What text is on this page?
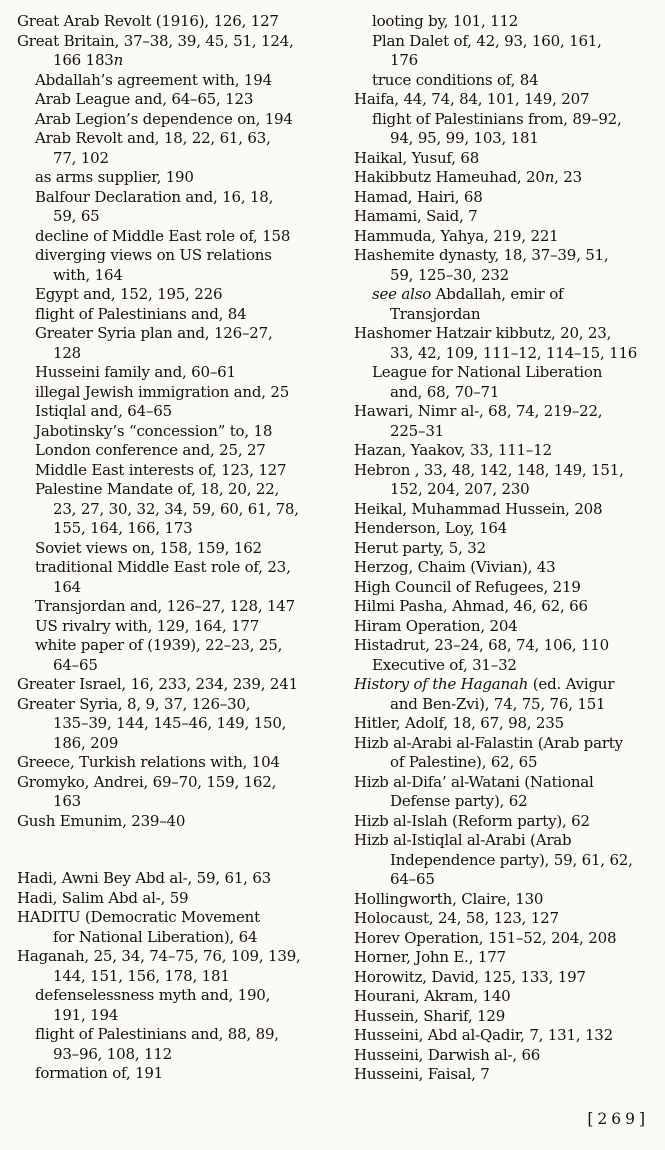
Great Arab Revolt (1916), 126, 127
Great Britain, 37–38, 39, 45, 51, 124,
166 183n
Abdallah’s agreement with, 194
Arab League and, 64–65, 123
Arab Legion’s dependence on, 194
Arab Revolt and, 18, 22, 61, 63,
77, 102
as arms supplier, 190
Balfour Declaration and, 16, 18,
59, 65
decline of Middle East role of, 158
diverging views on US relations
with, 164
Egypt and, 152, 195, 226
flight of Palestinians and, 84
Greater Syria plan and, 126–27,
128
Husseini family and, 60–61
illegal Jewish immigration and, 25
Istiqlal and, 64–65
Jabotinsky’s “concession” to, 18
London conference and, 25, 27
Middle East interests of, 123, 127
Palestine Mandate of, 18, 20, 22,
23, 27, 30, 32, 34, 59, 60, 61, 78,
155, 164, 166, 173
Soviet views on, 158, 159, 162
traditional Middle East role of, 23,
164
Transjordan and, 126–27, 128, 147
US rivalry with, 129, 164, 177
white paper of (1939), 22–23, 25,
64–65
Greater Israel, 16, 233, 234, 239, 241
Greater Syria, 8, 9, 37, 126–30,
135–39, 144, 145–46, 149, 150,
186, 209
Greece, Turkish relations with, 104
Gromyko, Andrei, 69–70, 159, 162,
163
Gush Emunim, 239–40
Hadi, Awni Bey Abd al-, 59, 61, 63
Hadi, Salim Abd al-, 59
HADITU (Democratic Movement
for National Liberation), 64
Haganah, 25, 34, 74–75, 76, 109, 139,
144, 151, 156, 178, 181
defenselessness myth and, 190,
191, 194
flight of Palestinians and, 88, 89,
93–96, 108, 112
formation of, 191
looting by, 101, 112
Plan Dalet of, 42, 93, 160, 161,
176
truce conditions of, 84
Haifa, 44, 74, 84, 101, 149, 207
flight of Palestinians from, 89–92,
94, 95, 99, 103, 181
Haikal, Yusuf, 68
Hakibbutz Hameuhad, 20n, 23
Hamad, Hairi, 68
Hamami, Said, 7
Hammuda, Yahya, 219, 221
Hashemite dynasty, 18, 37–39, 51,
59, 125–30, 232
see also Abdallah, emir of
Transjordan
Hashomer Hatzair kibbutz, 20, 23,
33, 42, 109, 111–12, 114–15, 116
League for National Liberation
and, 68, 70–71
Hawari, Nimr al-, 68, 74, 219–22,
225–31
Hazan, Yaakov, 33, 111–12
Hebron , 33, 48, 142, 148, 149, 151,
152, 204, 207, 230
Heikal, Muhammad Hussein, 208
Henderson, Loy, 164
Herut party, 5, 32
Herzog, Chaim (Vivian), 43
High Council of Refugees, 219
Hilmi Pasha, Ahmad, 46, 62, 66
Hiram Operation, 204
Histadrut, 23–24, 68, 74, 106, 110
Executive of, 31–32
History of the Haganah (ed. Avigur
and Ben-Zvi), 74, 75, 76, 151
Hitler, Adolf, 18, 67, 98, 235
Hizb al-Arabi al-Falastin (Arab party
of Palestine), 62, 65
Hizb al-Difa’ al-Watani (National
Defense party), 62
Hizb al-Islah (Reform party), 62
Hizb al-Istiqlal al-Arabi (Arab
Independence party), 59, 61, 62,
64–65
Hollingworth, Claire, 130
Holocaust, 24, 58, 123, 127
Horev Operation, 151–52, 204, 208
Horner, John E., 177
Horowitz, David, 125, 133, 197
Hourani, Akram, 140
Hussein, Sharif, 129
Husseini, Abd al-Qadir, 7, 131, 132
Husseini, Darwish al-, 66
Husseini, Faisal, 7
[269]
